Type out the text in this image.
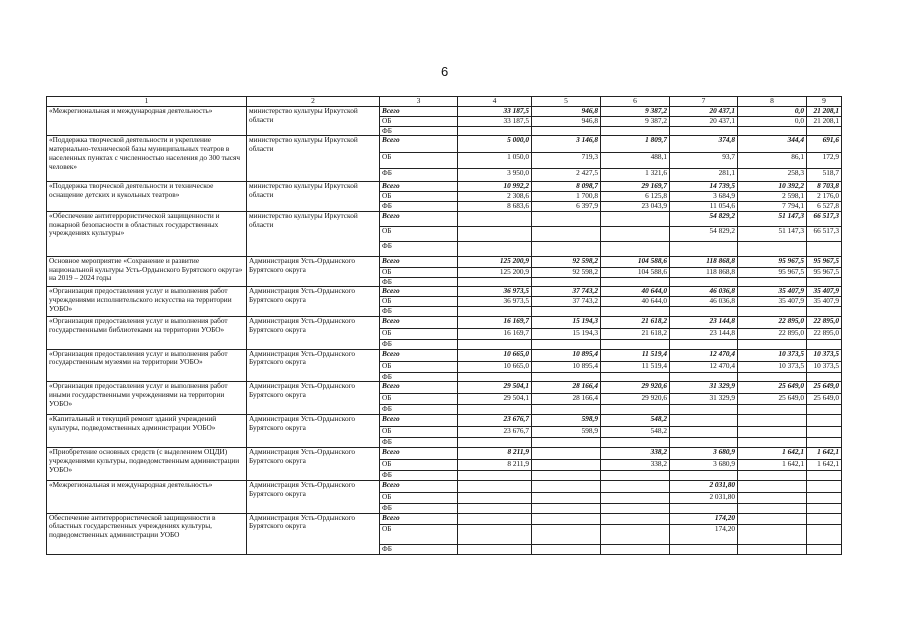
6
1	2	3	4	5	6	7	8	9
«Межрегиональная и международная деятельность»	министерство культуры Иркутской области	Всего	33 187,5	946,8	9 387,2	20 437,1	0,0	21 208,1
		ОБ	33 187,5	946,8	9 387,2	20 437,1	0,0	21 208,1
		ФБ						
«Поддержка творческой деятельности и укрепление материально-технической базы муниципальных театров в населенных пунктах с численностью населения до 300 тысяч человек»	министерство культуры Иркутской области	Всего	5 000,0	3 146,8	1 809,7	374,8	344,4	691,6
		ОБ	1 050,0	719,3	488,1	93,7	86,1	172,9
		ФБ	3 950,0	2 427,5	1 321,6	281,1	258,3	518,7
«Поддержка творческой деятельности и техническое оснащение детских и кукольных театров»	министерство культуры Иркутской области	Всего	10 992,2	8 098,7	29 169,7	14 739,5	10 392,2	8 703,8
		ОБ	2 308,6	1 700,8	6 125,8	3 684,9	2 598,1	2 176,0
		ФБ	8 683,6	6 397,9	23 043,9	11 054,6	7 794,1	6 527,8
«Обеспечение антитеррористической защищенности и пожарной безопасности в областных государственных учреждениях культуры»	министерство культуры Иркутской области	Всего				54 829,2	51 147,3	66 517,3
		ОБ				54 829,2	51 147,3	66 517,3
		ФБ						
Основное мероприятие «Сохранение и развитие национальной культуры Усть-Ордынского Бурятского округа» на 2019 – 2024 годы	Администрация Усть-Ордынского Бурятского округа	Всего	125 200,9	92 598,2	104 588,6	118 868,8	95 967,5	95 967,5
		ОБ	125 200,9	92 598,2	104 588,6	118 868,8	95 967,5	95 967,5
		ФБ						
«Организация предоставления услуг и выполнения работ учреждениями исполнительского искусства на территории УОБО»	Администрация Усть-Ордынского Бурятского округа	Всего	36 973,5	37 743,2	40 644,0	46 036,8	35 407,9	35 407,9
		ОБ	36 973,5	37 743,2	40 644,0	46 036,8	35 407,9	35 407,9
		ФБ						
«Организация предоставления услуг и выполнения работ государственными библиотеками на территории УОБО»	Администрация Усть-Ордынского Бурятского округа	Всего	16 169,7	15 194,3	21 618,2	23 144,8	22 895,0	22 895,0
		ОБ	16 169,7	15 194,3	21 618,2	23 144,8	22 895,0	22 895,0
		ФБ						
«Организация предоставления услуг и выполнения работ государственным музеями на территории УОБО»	Администрация Усть-Ордынского Бурятского округа	Всего	10 665,0	10 895,4	11 519,4	12 470,4	10 373,5	10 373,5
		ОБ	10 665,0	10 895,4	11 519,4	12 470,4	10 373,5	10 373,5
		ФБ						
«Организация предоставления услуг и выполнения работ иными государственными учреждениями на территории УОБО»	Администрация Усть-Ордынского Бурятского округа	Всего	29 504,1	28 166,4	29 920,6	31 329,9	25 649,0	25 649,0
		ОБ	29 504,1	28 166,4	29 920,6	31 329,9	25 649,0	25 649,0
		ФБ						
«Капитальный и текущий ремонт зданий учреждений культуры, подведомственных администрации УОБО»	Администрация Усть-Ордынского Бурятского округа	Всего	23 676,7	598,9	548,2			
		ОБ	23 676,7	598,9	548,2			
		ФБ						
«Приобретение основных средств (с выделением ОЦДИ) учреждениями культуры, подведомственным администрации УОБО»	Администрация Усть-Ордынского Бурятского округа	Всего	8 211,9		338,2	3 680,9	1 642,1	1 642,1
		ОБ	8 211,9		338,2	3 680,9	1 642,1	1 642,1
		ФБ						
«Межрегиональная и международная деятельность»	Администрация Усть-Ордынского Бурятского округа	Всего				2 031,80		
		ОБ				2 031,80		
		ФБ						
Обеспечение антитеррористической защищенности в областных государственных учреждениях культуры, подведомственных администрации УОБО	Администрация Усть-Ордынского Бурятского округа	Всего				174,20		
		ОБ				174,20		
		ФБ						
